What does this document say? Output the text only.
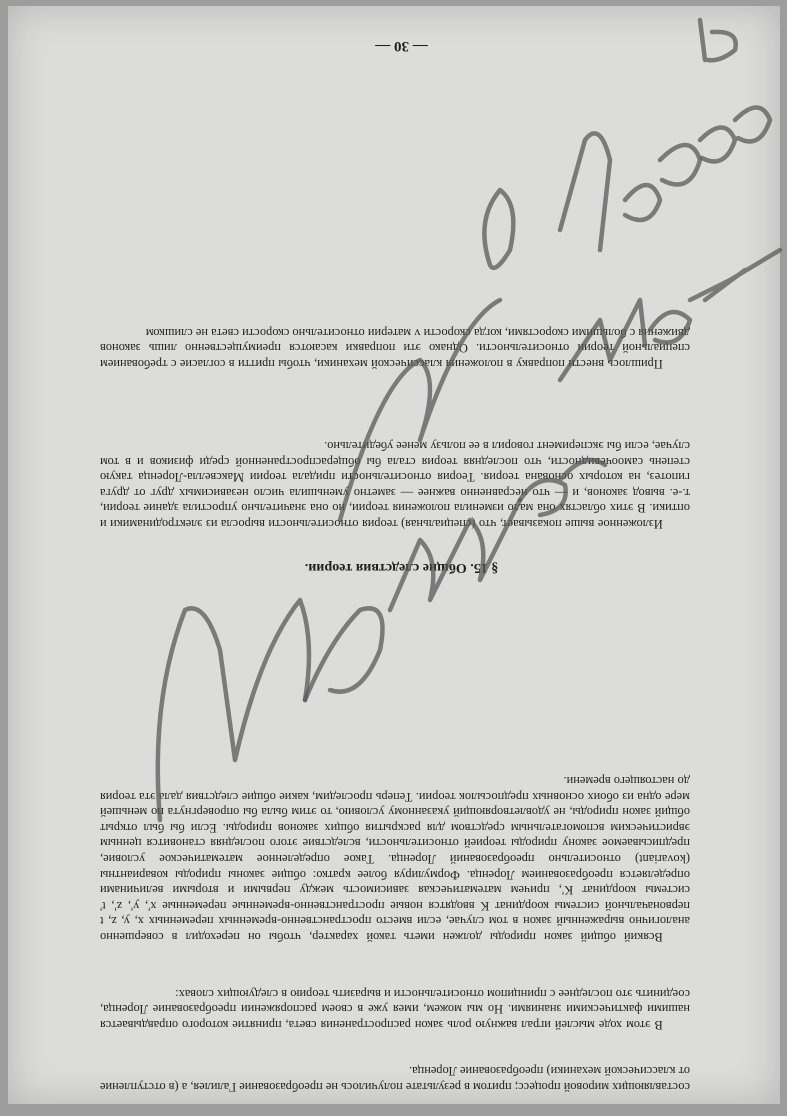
— 30 —

составляющих мировой процесс; притом в результате получилось не преобразование Галилея, а (в отступление от классической механики) преобразование Лоренца.

В этом ходе мыслей играл важную роль закон распространения света, принятие которого оправдывается нашими фактическими знаниями. Но мы можем, имея уже в своем распоряжении преобразование Лоренца, соединить это последнее с принципом относительности и выразить теорию в следующих словах:

Всякий общий закон природы должен иметь такой характер, чтобы он переходил в совершенно аналогично выраженный закон в том случае, если вместо пространственно-временных переменных x, y, z, t первоначальной системы координат K вводятся новые пространственно-временные переменные x', y', z', t' системы координат K', причем математическая зависимость между первыми и вторыми величинами определяется преобразованием Лоренца. Формулируя более кратко: общие законы природы ковариантны (kovariant) относительно преобразований Лоренца. Такое определенное математическое условие, предписываемое закону природы теорией относительности, вследствие этого последняя становится ценным эвристическим вспомогательным средством для раскрытия общих законов природы. Если бы был открыт общий закон природы, не удовлетворяющий указанному условию, то этим была бы опровергнута по меньшей мере одна из обоих основных предпосылок теории. Теперь проследим, какие общие следствия дала эта теория до настоящего времени.

§ 15. Общие следствия теории.

Изложенное выше показывает, что (специальная) теория относительности выросла из электродинамики и оптики. В этих областях она мало изменила положения теории, но она значительно упростила здание теории, т.-е. вывод законов, и — что несравненно важнее — заметно уменьшила число независимых друг от друга гипотез, на которых основана теория. Теория относительности придала теории Максвелла-Лоренца такую степень самоочевидности, что последняя теория стала бы общераспространенной среди физиков и в том случае, если бы эксперимент говорил в ее пользу менее убедительно.

Пришлось внести поправку в положения классической механики, чтобы притти в согласие с требованием специальной теории относительности. Однако эти поправки касаются преимущественно лишь законов движения с большими скоростями, когда скорости v материи относительно скорости света не слишком
